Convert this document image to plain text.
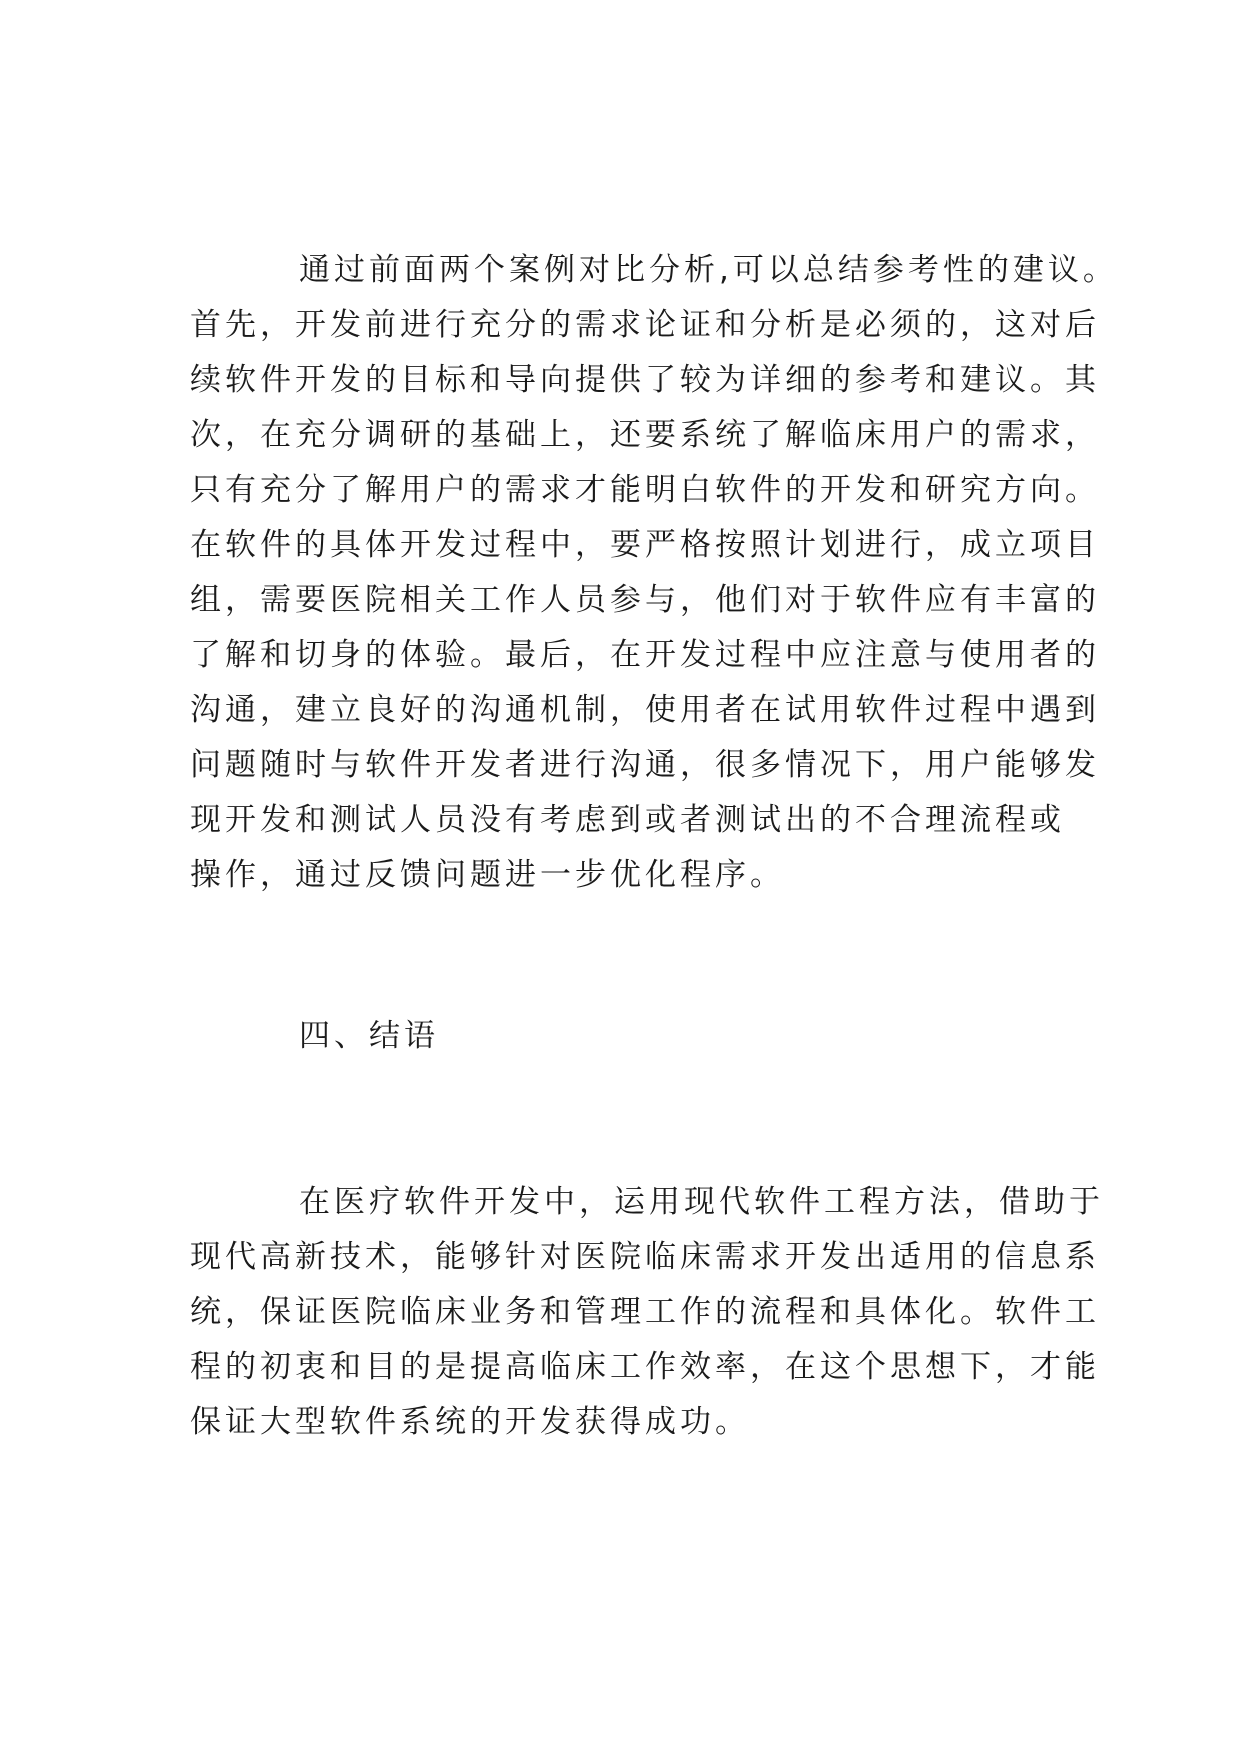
通过前面两个案例对比分析,可以总结参考性的建议。

首先，开发前进行充分的需求论证和分析是必须的，这对后

续软件开发的目标和导向提供了较为详细的参考和建议。其

次，在充分调研的基础上，还要系统了解临床用户的需求，

只有充分了解用户的需求才能明白软件的开发和研究方向。

在软件的具体开发过程中，要严格按照计划进行，成立项目

组，需要医院相关工作人员参与，他们对于软件应有丰富的

了解和切身的体验。最后，在开发过程中应注意与使用者的

沟通，建立良好的沟通机制，使用者在试用软件过程中遇到

问题随时与软件开发者进行沟通，很多情况下，用户能够发

现开发和测试人员没有考虑到或者测试出的不合理流程或

操作，通过反馈问题进一步优化程序。

四、结语

在医疗软件开发中，运用现代软件工程方法，借助于

现代高新技术，能够针对医院临床需求开发出适用的信息系

统，保证医院临床业务和管理工作的流程和具体化。软件工

程的初衷和目的是提高临床工作效率，在这个思想下，才能

保证大型软件系统的开发获得成功。
